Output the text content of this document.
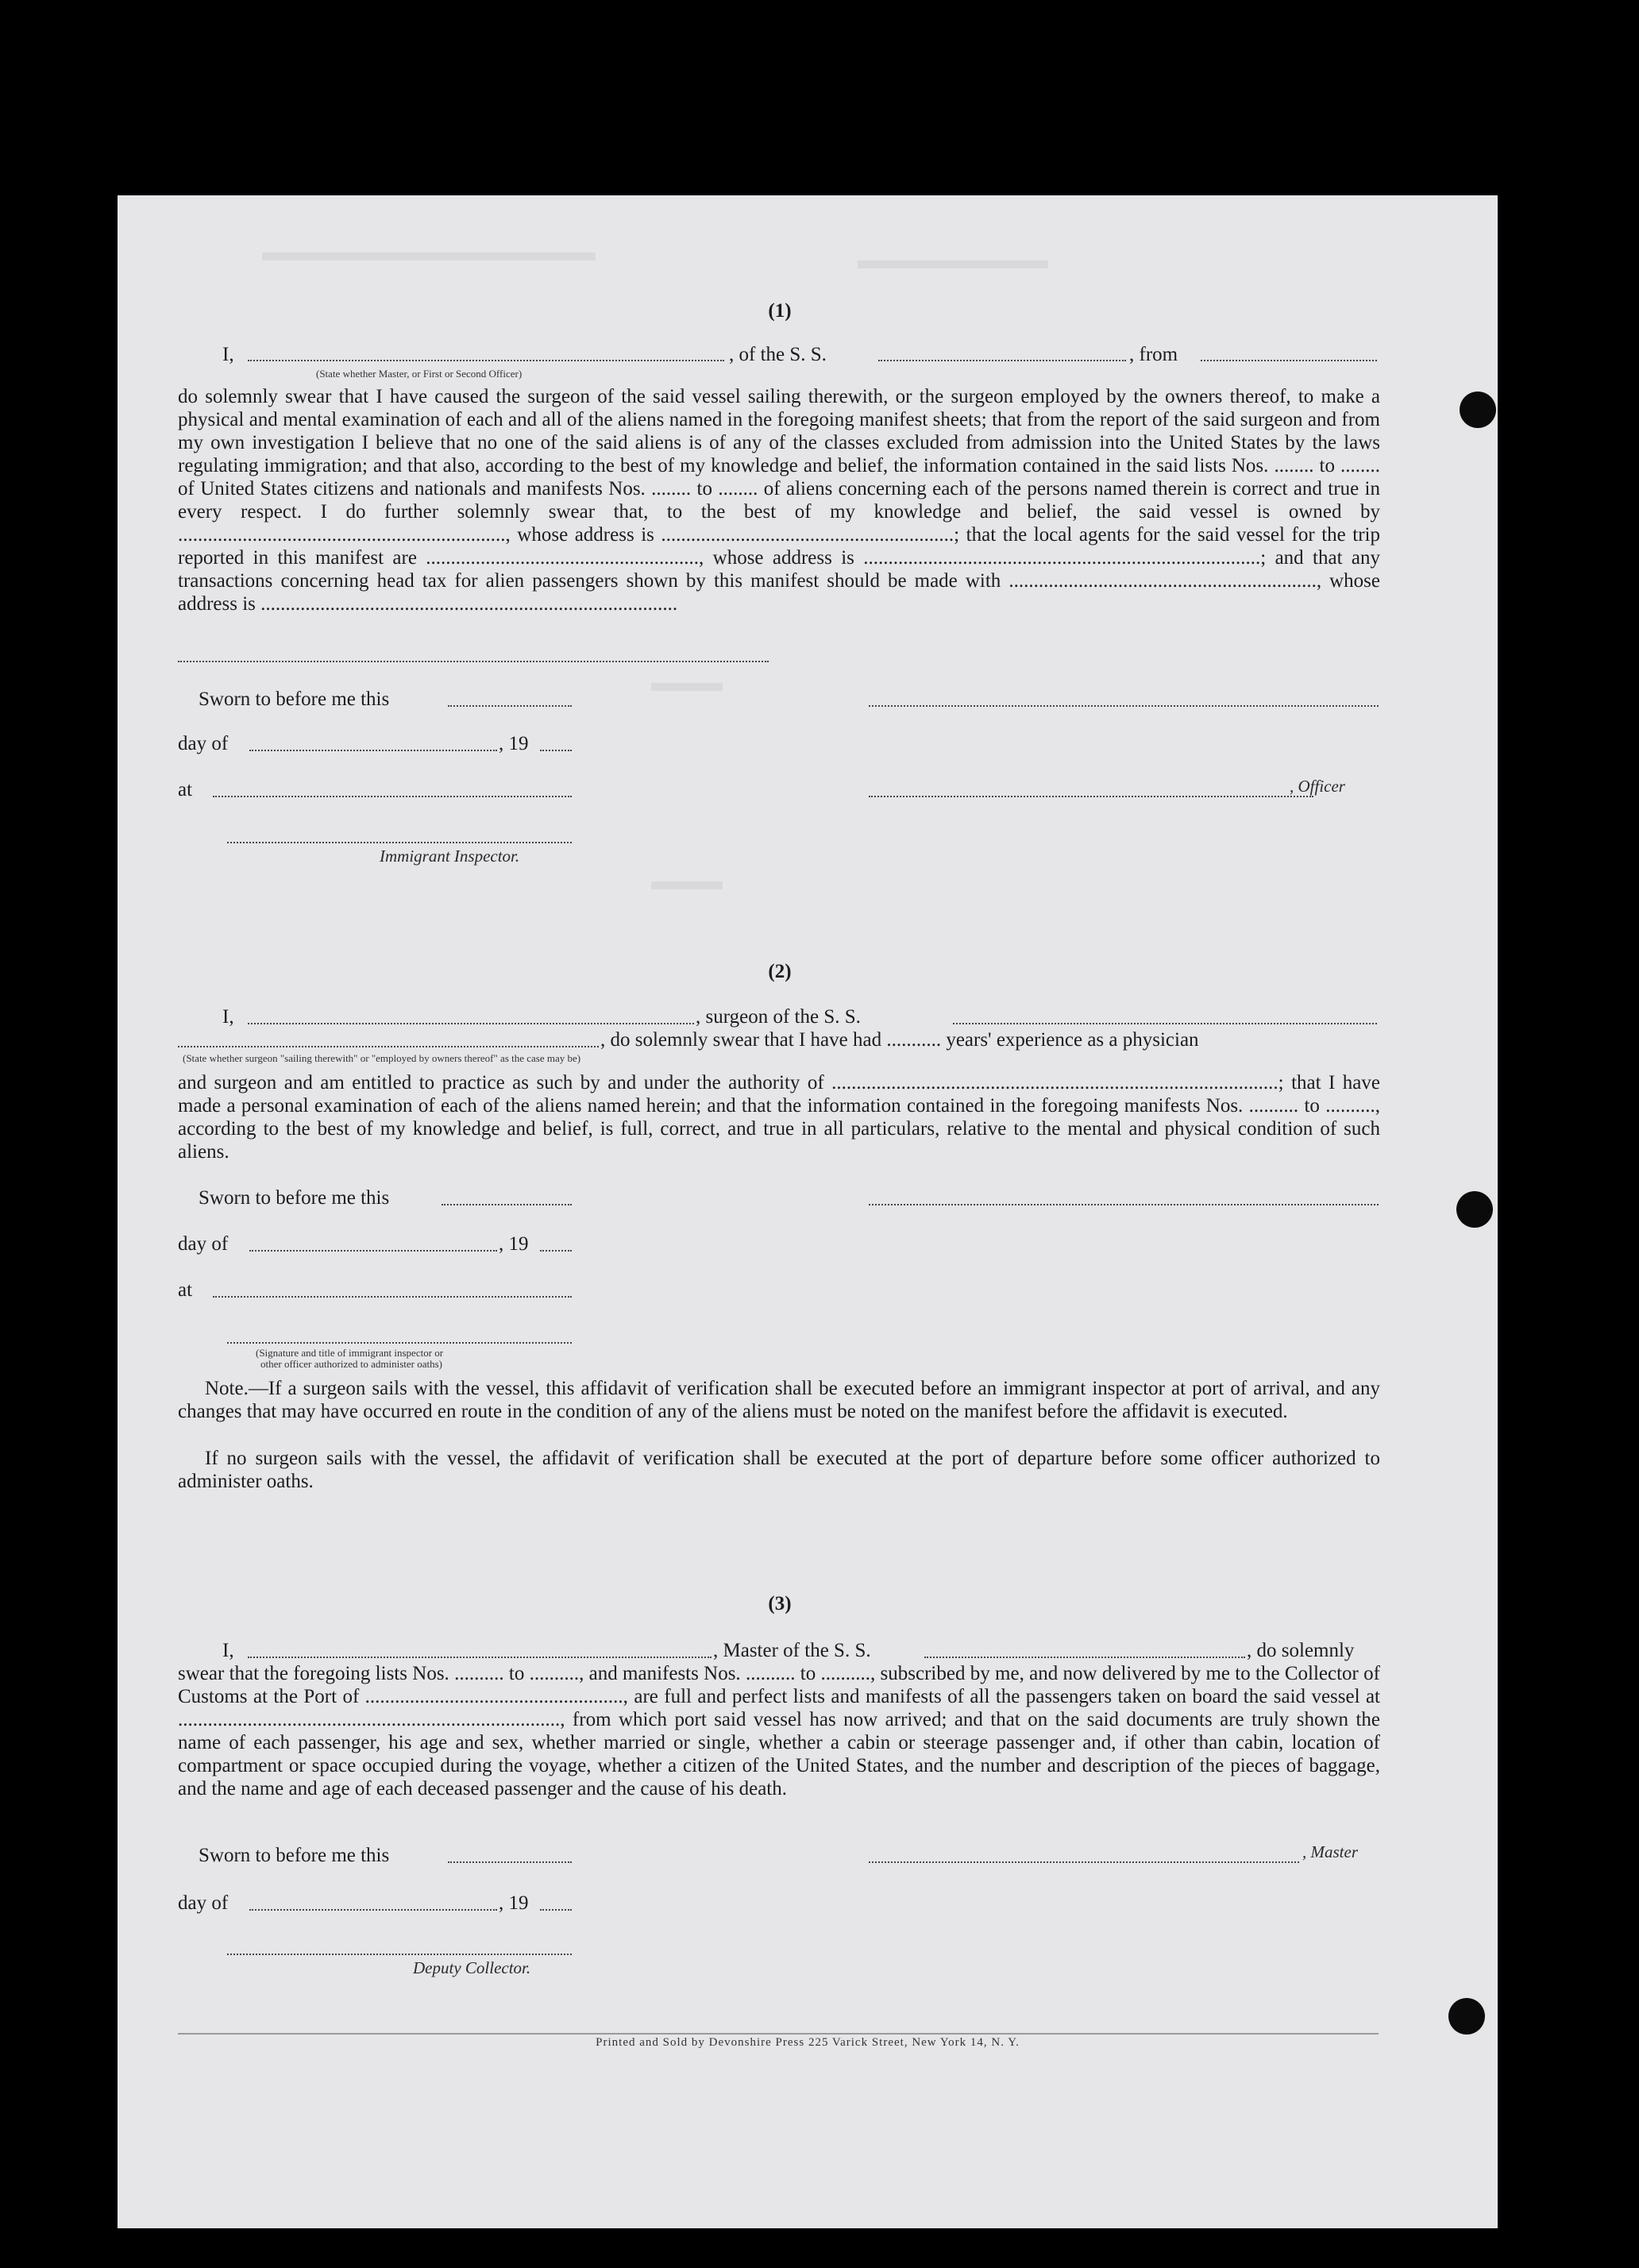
(1)
I,	, of the S. S.	, from
(State whether Master, or First or Second Officer)

do solemnly swear that I have caused the surgeon of the said vessel sailing therewith, or the surgeon employed by the owners thereof, to make a physical and mental examination of each and all of the aliens named in the foregoing manifest sheets; that from the report of the said surgeon and from my own investigation I believe that no one of the said aliens is of any of the classes excluded from admission into the United States by the laws regulating immigration; and that also, according to the best of my knowledge and belief, the information contained in the said lists Nos. ........ to ........ of United States citizens and nationals and manifests Nos. ........ to ........ of aliens concerning each of the persons named therein is correct and true in every respect. I do further solemnly swear that, to the best of my knowledge and belief, the said vessel is owned by .................................................................., whose address is ...........................................................; that the local agents for the said vessel for the trip reported in this manifest are ......................................................., whose address is ................................................................................; and that any transactions concerning head tax for alien passengers shown by this manifest should be made with .............................................................., whose address is ....................................................................................

Sworn to before me this
day of	, 19
at	, Officer
Immigrant Inspector.
(2)
I,	, surgeon of the S. S.
, do solemnly swear that I have had ........... years' experience as a physician
(State whether surgeon "sailing therewith" or "employed by owners thereof" as the case may be)

and surgeon and am entitled to practice as such by and under the authority of ..........................................................................................; that I have made a personal examination of each of the aliens named herein; and that the information contained in the foregoing manifests Nos. .......... to .........., according to the best of my knowledge and belief, is full, correct, and true in all particulars, relative to the mental and physical condition of such aliens.

Sworn to before me this
day of	, 19
at
(Signature and title of immigrant inspector or
other officer authorized to administer oaths)

Note.—If a surgeon sails with the vessel, this affidavit of verification shall be executed before an immigrant inspector at port of arrival, and any changes that may have occurred en route in the condition of any of the aliens must be noted on the manifest before the affidavit is executed.

If no surgeon sails with the vessel, the affidavit of verification shall be executed at the port of departure before some officer authorized to administer oaths.

(3)
I,	, Master of the S. S.	, do solemnly

swear that the foregoing lists Nos. .......... to .........., and manifests Nos. .......... to .........., subscribed by me, and now delivered by me to the Collector of Customs at the Port of ...................................................., are full and perfect lists and manifests of all the passengers taken on board the said vessel at ............................................................................., from which port said vessel has now arrived; and that on the said documents are truly shown the name of each passenger, his age and sex, whether married or single, whether a cabin or steerage passenger and, if other than cabin, location of compartment or space occupied during the voyage, whether a citizen of the United States, and the number and description of the pieces of baggage, and the name and age of each deceased passenger and the cause of his death.

Sworn to before me this	, Master
day of	, 19
Deputy Collector.
Printed and Sold by Devonshire Press 225 Varick Street, New York 14, N. Y.
